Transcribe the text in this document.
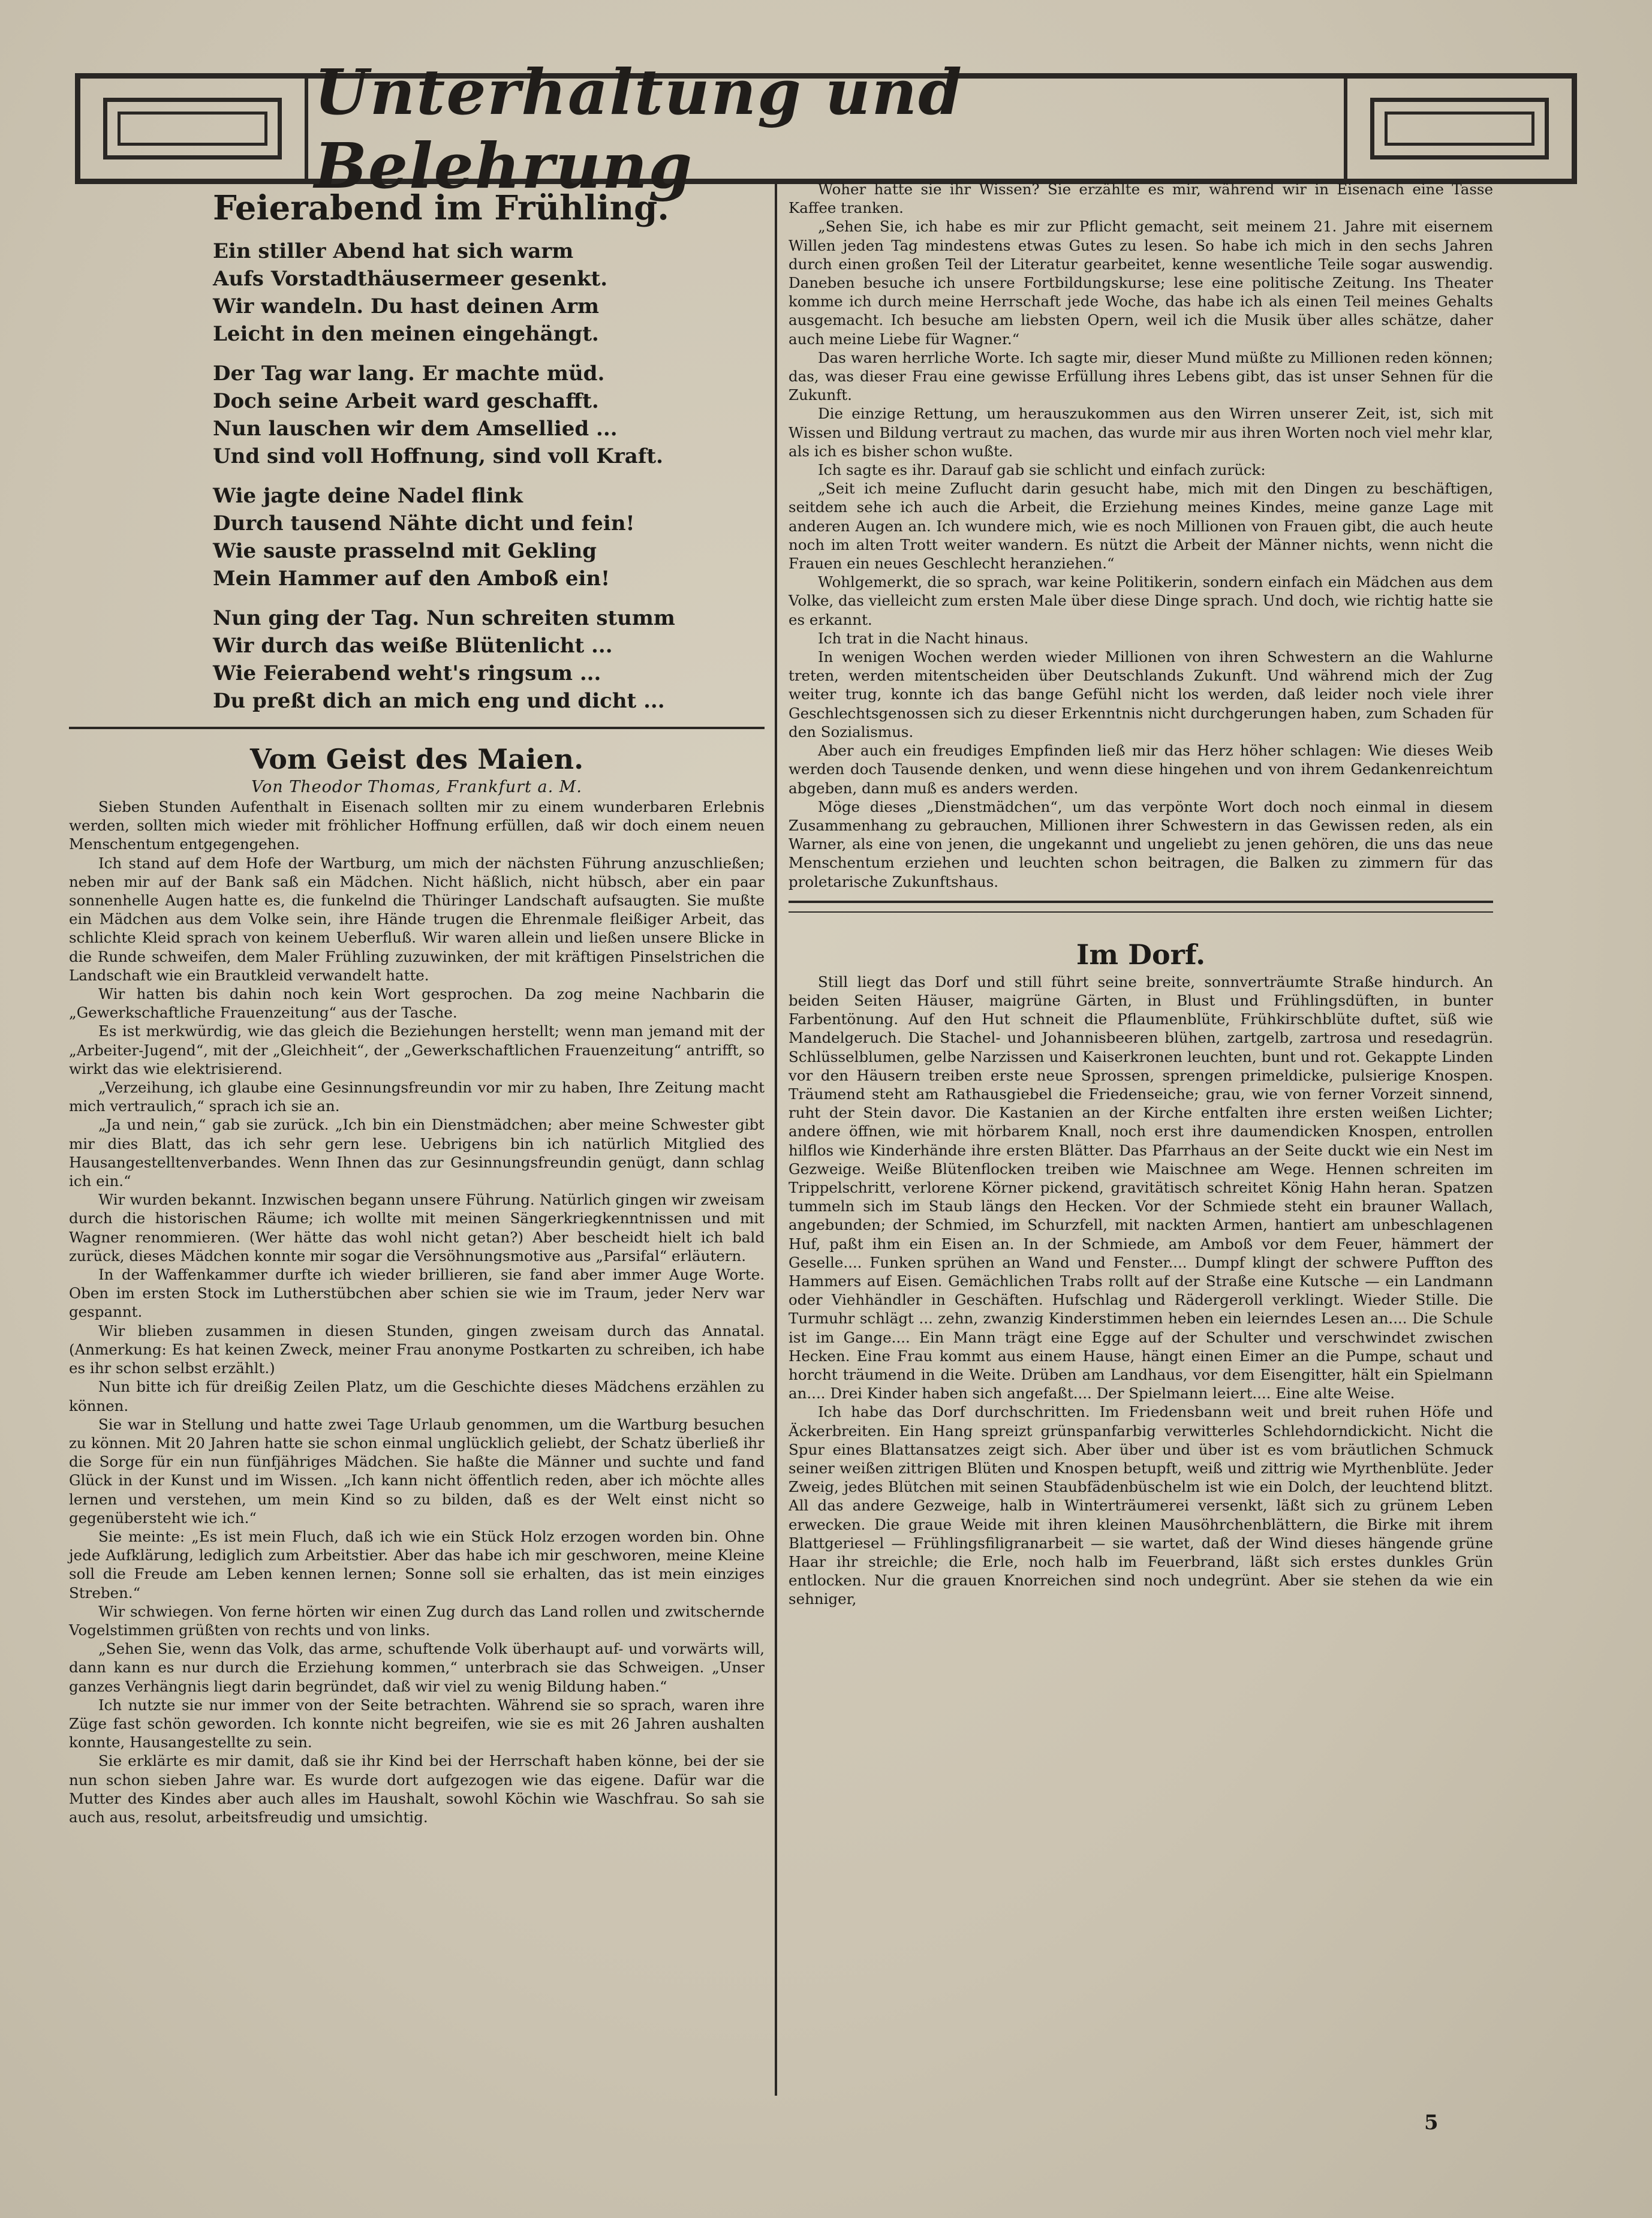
Unterhaltung und Belehrung
Feierabend im Frühling.
Ein stiller Abend hat sich warm
Aufs Vorstadthäusermeer gesenkt.
Wir wandeln. Du hast deinen Arm
Leicht in den meinen eingehängt.
Der Tag war lang. Er machte müd.
Doch seine Arbeit ward geschafft.
Nun lauschen wir dem Amsellied ...
Und sind voll Hoffnung, sind voll Kraft.
Wie jagte deine Nadel flink
Durch tausend Nähte dicht und fein!
Wie sauste prasselnd mit Gekling
Mein Hammer auf den Amboß ein!
Nun ging der Tag. Nun schreiten stumm
Wir durch das weiße Blütenlicht ...
Wie Feierabend weht's ringsum ...
Du preßt dich an mich eng und dicht ...
Vom Geist des Maien.
Von Theodor Thomas, Frankfurt a. M.

Sieben Stunden Aufenthalt in Eisenach sollten mir zu einem wunderbaren Erlebnis werden, sollten mich wieder mit fröhlicher Hoffnung erfüllen, daß wir doch einem neuen Menschentum entgegengehen.

Ich stand auf dem Hofe der Wartburg, um mich der nächsten Führung anzuschließen; neben mir auf der Bank saß ein Mädchen. Nicht häßlich, nicht hübsch, aber ein paar sonnenhelle Augen hatte es, die funkelnd die Thüringer Landschaft aufsaugten. Sie mußte ein Mädchen aus dem Volke sein, ihre Hände trugen die Ehrenmale fleißiger Arbeit, das schlichte Kleid sprach von keinem Ueberfluß. Wir waren allein und ließen unsere Blicke in die Runde schweifen, dem Maler Frühling zuzuwinken, der mit kräftigen Pinselstrichen die Landschaft wie ein Brautkleid verwandelt hatte.

Wir hatten bis dahin noch kein Wort gesprochen. Da zog meine Nachbarin die „Gewerkschaftliche Frauenzeitung“ aus der Tasche.

Es ist merkwürdig, wie das gleich die Beziehungen herstellt; wenn man jemand mit der „Arbeiter-Jugend“, mit der „Gleichheit“, der „Gewerkschaftlichen Frauenzeitung“ antrifft, so wirkt das wie elektrisierend.

„Verzeihung, ich glaube eine Gesinnungsfreundin vor mir zu haben, Ihre Zeitung macht mich vertraulich,“ sprach ich sie an.

„Ja und nein,“ gab sie zurück. „Ich bin ein Dienstmädchen; aber meine Schwester gibt mir dies Blatt, das ich sehr gern lese. Uebrigens bin ich natürlich Mitglied des Hausangestelltenverbandes. Wenn Ihnen das zur Gesinnungsfreundin genügt, dann schlag ich ein.“

Wir wurden bekannt. Inzwischen begann unsere Führung. Natürlich gingen wir zweisam durch die historischen Räume; ich wollte mit meinen Sängerkriegkenntnissen und mit Wagner renommieren. (Wer hätte das wohl nicht getan?) Aber bescheidt hielt ich bald zurück, dieses Mädchen konnte mir sogar die Versöhnungsmotive aus „Parsifal“ erläutern.

In der Waffenkammer durfte ich wieder brillieren, sie fand aber immer Auge Worte. Oben im ersten Stock im Lutherstübchen aber schien sie wie im Traum, jeder Nerv war gespannt.

Wir blieben zusammen in diesen Stunden, gingen zweisam durch das Annatal. (Anmerkung: Es hat keinen Zweck, meiner Frau anonyme Postkarten zu schreiben, ich habe es ihr schon selbst erzählt.)

Nun bitte ich für dreißig Zeilen Platz, um die Geschichte dieses Mädchens erzählen zu können.

Sie war in Stellung und hatte zwei Tage Urlaub genommen, um die Wartburg besuchen zu können. Mit 20 Jahren hatte sie schon einmal unglücklich geliebt, der Schatz überließ ihr die Sorge für ein nun fünfjähriges Mädchen. Sie haßte die Männer und suchte und fand Glück in der Kunst und im Wissen. „Ich kann nicht öffentlich reden, aber ich möchte alles lernen und verstehen, um mein Kind so zu bilden, daß es der Welt einst nicht so gegenübersteht wie ich.“

Sie meinte: „Es ist mein Fluch, daß ich wie ein Stück Holz erzogen worden bin. Ohne jede Aufklärung, lediglich zum Arbeitstier. Aber das habe ich mir geschworen, meine Kleine soll die Freude am Leben kennen lernen; Sonne soll sie erhalten, das ist mein einziges Streben.“

Wir schwiegen. Von ferne hörten wir einen Zug durch das Land rollen und zwitschernde Vogelstimmen grüßten von rechts und von links.

„Sehen Sie, wenn das Volk, das arme, schuftende Volk überhaupt auf- und vorwärts will, dann kann es nur durch die Erziehung kommen,“ unterbrach sie das Schweigen. „Unser ganzes Verhängnis liegt darin begründet, daß wir viel zu wenig Bildung haben.“

Ich nutzte sie nur immer von der Seite betrachten. Während sie so sprach, waren ihre Züge fast schön geworden. Ich konnte nicht begreifen, wie sie es mit 26 Jahren aushalten konnte, Hausangestellte zu sein.

Sie erklärte es mir damit, daß sie ihr Kind bei der Herrschaft haben könne, bei der sie nun schon sieben Jahre war. Es wurde dort aufgezogen wie das eigene. Dafür war die Mutter des Kindes aber auch alles im Haushalt, sowohl Köchin wie Waschfrau. So sah sie auch aus, resolut, arbeitsfreudig und umsichtig.

Woher hatte sie ihr Wissen? Sie erzählte es mir, während wir in Eisenach eine Tasse Kaffee tranken.

„Sehen Sie, ich habe es mir zur Pflicht gemacht, seit meinem 21. Jahre mit eisernem Willen jeden Tag mindestens etwas Gutes zu lesen. So habe ich mich in den sechs Jahren durch einen großen Teil der Literatur gearbeitet, kenne wesentliche Teile sogar auswendig. Daneben besuche ich unsere Fortbildungskurse; lese eine politische Zeitung. Ins Theater komme ich durch meine Herrschaft jede Woche, das habe ich als einen Teil meines Gehalts ausgemacht. Ich besuche am liebsten Opern, weil ich die Musik über alles schätze, daher auch meine Liebe für Wagner.“

Das waren herrliche Worte. Ich sagte mir, dieser Mund müßte zu Millionen reden können; das, was dieser Frau eine gewisse Erfüllung ihres Lebens gibt, das ist unser Sehnen für die Zukunft.

Die einzige Rettung, um herauszukommen aus den Wirren unserer Zeit, ist, sich mit Wissen und Bildung vertraut zu machen, das wurde mir aus ihren Worten noch viel mehr klar, als ich es bisher schon wußte.

Ich sagte es ihr. Darauf gab sie schlicht und einfach zurück:

„Seit ich meine Zuflucht darin gesucht habe, mich mit den Dingen zu beschäftigen, seitdem sehe ich auch die Arbeit, die Erziehung meines Kindes, meine ganze Lage mit anderen Augen an. Ich wundere mich, wie es noch Millionen von Frauen gibt, die auch heute noch im alten Trott weiter wandern. Es nützt die Arbeit der Männer nichts, wenn nicht die Frauen ein neues Geschlecht heranziehen.“

Wohlgemerkt, die so sprach, war keine Politikerin, sondern einfach ein Mädchen aus dem Volke, das vielleicht zum ersten Male über diese Dinge sprach. Und doch, wie richtig hatte sie es erkannt.

Ich trat in die Nacht hinaus.

In wenigen Wochen werden wieder Millionen von ihren Schwestern an die Wahlurne treten, werden mitentscheiden über Deutschlands Zukunft. Und während mich der Zug weiter trug, konnte ich das bange Gefühl nicht los werden, daß leider noch viele ihrer Geschlechtsgenossen sich zu dieser Erkenntnis nicht durchgerungen haben, zum Schaden für den Sozialismus.

Aber auch ein freudiges Empfinden ließ mir das Herz höher schlagen: Wie dieses Weib werden doch Tausende denken, und wenn diese hingehen und von ihrem Gedankenreichtum abgeben, dann muß es anders werden.

Möge dieses „Dienstmädchen“, um das verpönte Wort doch noch einmal in diesem Zusammenhang zu gebrauchen, Millionen ihrer Schwestern in das Gewissen reden, als ein Warner, als eine von jenen, die ungekannt und ungeliebt zu jenen gehören, die uns das neue Menschentum erziehen und leuchten schon beitragen, die Balken zu zimmern für das proletarische Zukunftshaus.

Im Dorf.

Still liegt das Dorf und still führt seine breite, sonnverträumte Straße hindurch. An beiden Seiten Häuser, maigrüne Gärten, in Blust und Frühlingsdüften, in bunter Farbentönung. Auf den Hut schneit die Pflaumenblüte, Frühkirschblüte duftet, süß wie Mandelgeruch. Die Stachel- und Johannisbeeren blühen, zartgelb, zartrosa und resedagrün. Schlüsselblumen, gelbe Narzissen und Kaiserkronen leuchten, bunt und rot. Gekappte Linden vor den Häusern treiben erste neue Sprossen, sprengen primeldicke, pulsierige Knospen. Träumend steht am Rathausgiebel die Friedenseiche; grau, wie von ferner Vorzeit sinnend, ruht der Stein davor. Die Kastanien an der Kirche entfalten ihre ersten weißen Lichter; andere öffnen, wie mit hörbarem Knall, noch erst ihre daumendicken Knospen, entrollen hilflos wie Kinderhände ihre ersten Blätter. Das Pfarrhaus an der Seite duckt wie ein Nest im Gezweige. Weiße Blütenflocken treiben wie Maischnee am Wege. Hennen schreiten im Trippelschritt, verlorene Körner pickend, gravitätisch schreitet König Hahn heran. Spatzen tummeln sich im Staub längs den Hecken. Vor der Schmiede steht ein brauner Wallach, angebunden; der Schmied, im Schurzfell, mit nackten Armen, hantiert am unbeschlagenen Huf, paßt ihm ein Eisen an. In der Schmiede, am Amboß vor dem Feuer, hämmert der Geselle.... Funken sprühen an Wand und Fenster.... Dumpf klingt der schwere Puffton des Hammers auf Eisen. Gemächlichen Trabs rollt auf der Straße eine Kutsche — ein Landmann oder Viehhändler in Geschäften. Hufschlag und Rädergeroll verklingt. Wieder Stille. Die Turmuhr schlägt ... zehn, zwanzig Kinderstimmen heben ein leierndes Lesen an.... Die Schule ist im Gange.... Ein Mann trägt eine Egge auf der Schulter und verschwindet zwischen Hecken. Eine Frau kommt aus einem Hause, hängt einen Eimer an die Pumpe, schaut und horcht träumend in die Weite. Drüben am Landhaus, vor dem Eisengitter, hält ein Spielmann an.... Drei Kinder haben sich angefaßt.... Der Spielmann leiert.... Eine alte Weise.

Ich habe das Dorf durchschritten. Im Friedensbann weit und breit ruhen Höfe und Äckerbreiten. Ein Hang spreizt grünspanfarbig verwitterles Schlehdorndickicht. Nicht die Spur eines Blattansatzes zeigt sich. Aber über und über ist es vom bräutlichen Schmuck seiner weißen zittrigen Blüten und Knospen betupft, weiß und zittrig wie Myrthenblüte. Jeder Zweig, jedes Blütchen mit seinen Staubfädenbüschelm ist wie ein Dolch, der leuchtend blitzt. All das andere Gezweige, halb in Winterträumerei versenkt, läßt sich zu grünem Leben erwecken. Die graue Weide mit ihren kleinen Mausöhrchenblättern, die Birke mit ihrem Blattgeriesel — Frühlingsfiligranarbeit — sie wartet, daß der Wind dieses hängende grüne Haar ihr streichle; die Erle, noch halb im Feuerbrand, läßt sich erstes dunkles Grün entlocken. Nur die grauen Knorreichen sind noch undegrünt. Aber sie stehen da wie ein sehniger,

5
